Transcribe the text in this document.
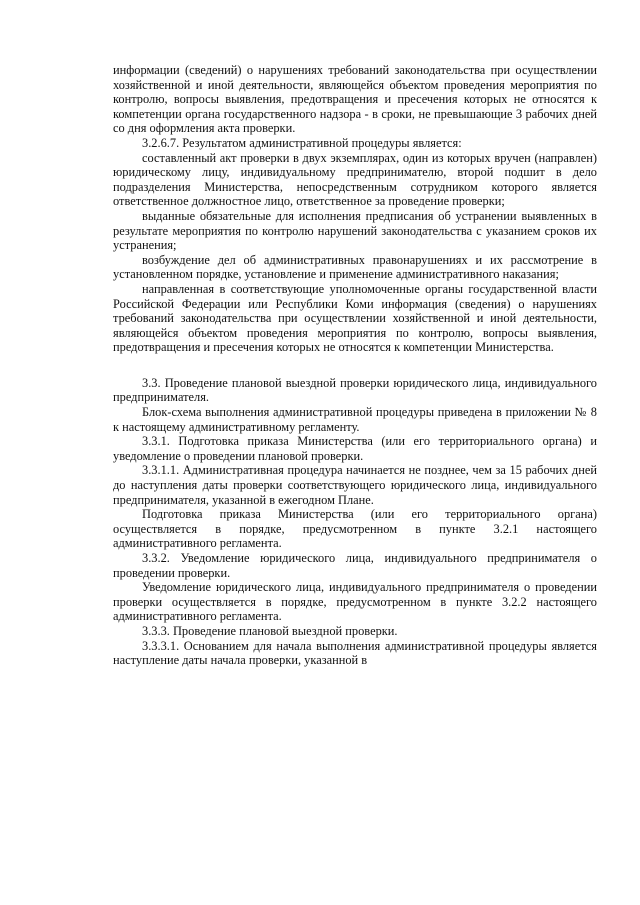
информации (сведений) о нарушениях требований законодательства при осуществлении хозяйственной и иной деятельности, являющейся объектом проведения мероприятия по контролю, вопросы выявления, предотвращения и пресечения которых не относятся к компетенции органа государственного надзора - в сроки, не превышающие 3 рабочих дней со дня оформления акта проверки.

3.2.6.7. Результатом административной процедуры является:

составленный акт проверки в двух экземплярах, один из которых вручен (направлен) юридическому лицу, индивидуальному предпринимателю, второй подшит в дело подразделения Министерства, непосредственным сотрудником которого является ответственное должностное лицо, ответственное за проведение проверки;

выданные обязательные для исполнения предписания об устранении выявленных в результате мероприятия по контролю нарушений законодательства с указанием сроков их устранения;

возбуждение дел об административных правонарушениях и их рассмотрение в установленном порядке, установление и применение административного наказания;

направленная в соответствующие уполномоченные органы государственной власти Российской Федерации или Республики Коми информация (сведения) о нарушениях требований законодательства при осуществлении хозяйственной и иной деятельности, являющейся объектом проведения мероприятия по контролю, вопросы выявления, предотвращения и пресечения которых не относятся к компетенции Министерства.

3.3. Проведение плановой выездной проверки юридического лица, индивидуального предпринимателя.

Блок-схема выполнения административной процедуры приведена в приложении № 8 к настоящему административному регламенту.

3.3.1. Подготовка приказа Министерства (или его территориального органа) и уведомление о проведении плановой проверки.

3.3.1.1. Административная процедура начинается не позднее, чем за 15 рабочих дней до наступления даты проверки соответствующего юридического лица, индивидуального предпринимателя, указанной в ежегодном Плане.

Подготовка приказа Министерства (или его территориального органа) осуществляется в порядке, предусмотренном в пункте 3.2.1 настоящего административного регламента.

3.3.2. Уведомление юридического лица, индивидуального предпринимателя о проведении проверки.

Уведомление юридического лица, индивидуального предпринимателя о проведении проверки осуществляется в порядке, предусмотренном в пункте 3.2.2 настоящего административного регламента.

3.3.3. Проведение плановой выездной проверки.

3.3.3.1. Основанием для начала выполнения административной процедуры является наступление даты начала проверки, указанной в
